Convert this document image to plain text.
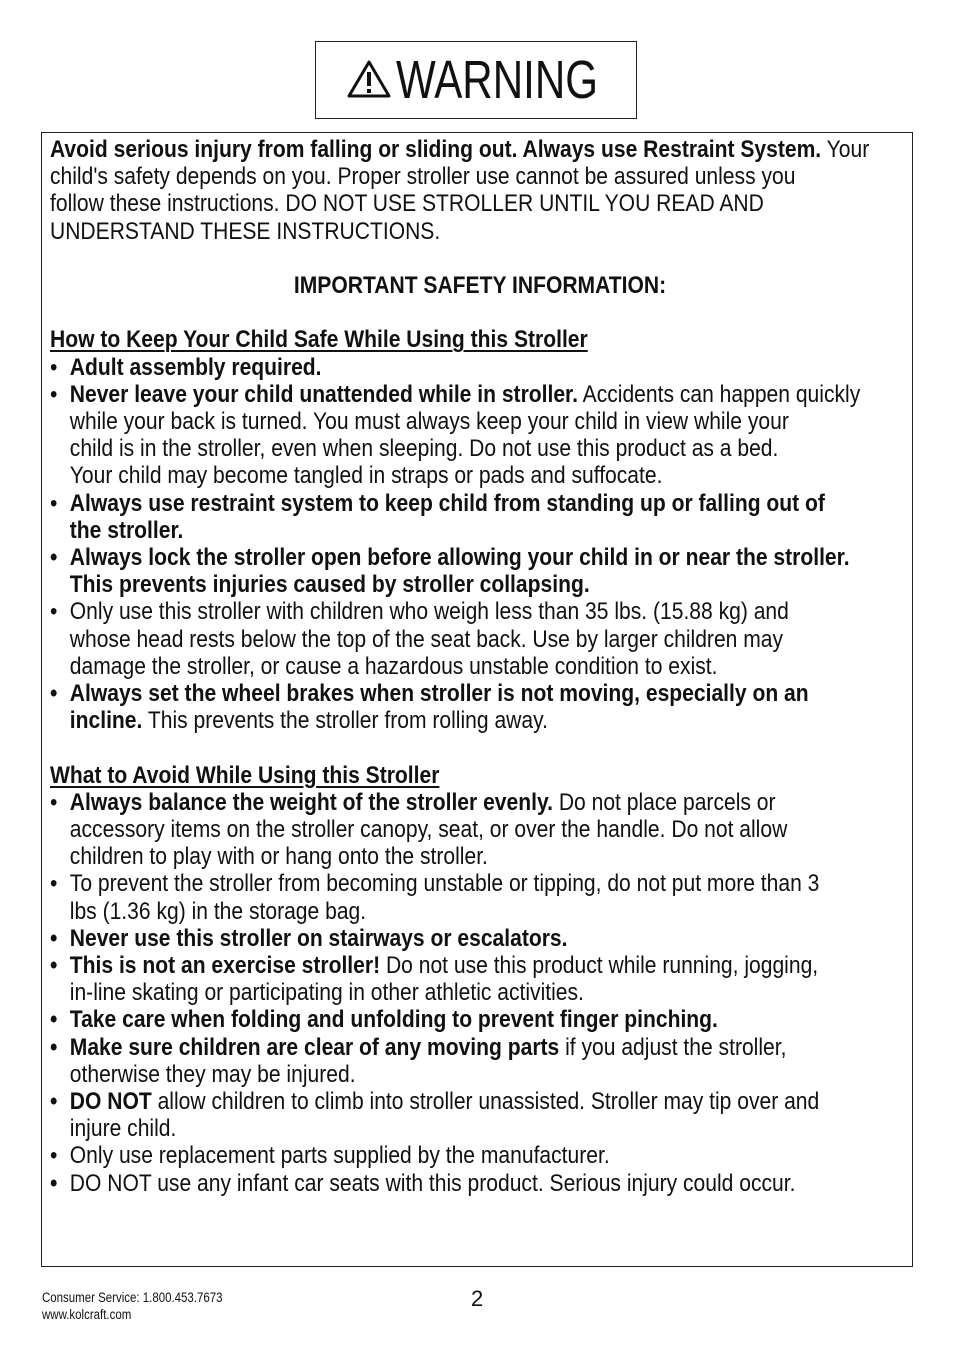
WARNING

Avoid serious injury from falling or sliding out. Always use Restraint System. Your

child's safety depends on you. Proper stroller use cannot be assured unless you

follow these instructions. DO NOT USE STROLLER UNTIL YOU READ AND

UNDERSTAND THESE INSTRUCTIONS.

IMPORTANT SAFETY INFORMATION:

How to Keep Your Child Safe While Using this Stroller

• Adult assembly required.
• Never leave your child unattended while in stroller. Accidents can happen quickly
while your back is turned. You must always keep your child in view while your
child is in the stroller, even when sleeping. Do not use this product as a bed.
Your child may become tangled in straps or pads and suffocate.
• Always use restraint system to keep child from standing up or falling out of
the stroller.
• Always lock the stroller open before allowing your child in or near the stroller.
This prevents injuries caused by stroller collapsing.
• Only use this stroller with children who weigh less than 35 lbs. (15.88 kg) and
whose head rests below the top of the seat back. Use by larger children may
damage the stroller, or cause a hazardous unstable condition to exist.
• Always set the wheel brakes when stroller is not moving, especially on an
incline. This prevents the stroller from rolling away.

What to Avoid While Using this Stroller

• Always balance the weight of the stroller evenly. Do not place parcels or
accessory items on the stroller canopy, seat, or over the handle. Do not allow
children to play with or hang onto the stroller.
• To prevent the stroller from becoming unstable or tipping, do not put more than 3
lbs (1.36 kg) in the storage bag.
• Never use this stroller on stairways or escalators.
• This is not an exercise stroller! Do not use this product while running, jogging,
in-line skating or participating in other athletic activities.
• Take care when folding and unfolding to prevent finger pinching.
• Make sure children are clear of any moving parts if you adjust the stroller,
otherwise they may be injured.
• DO NOT allow children to climb into stroller unassisted. Stroller may tip over and
injure child.
• Only use replacement parts supplied by the manufacturer.
• DO NOT use any infant car seats with this product. Serious injury could occur.
Consumer Service: 1.800.453.7673
www.kolcraft.com
2
